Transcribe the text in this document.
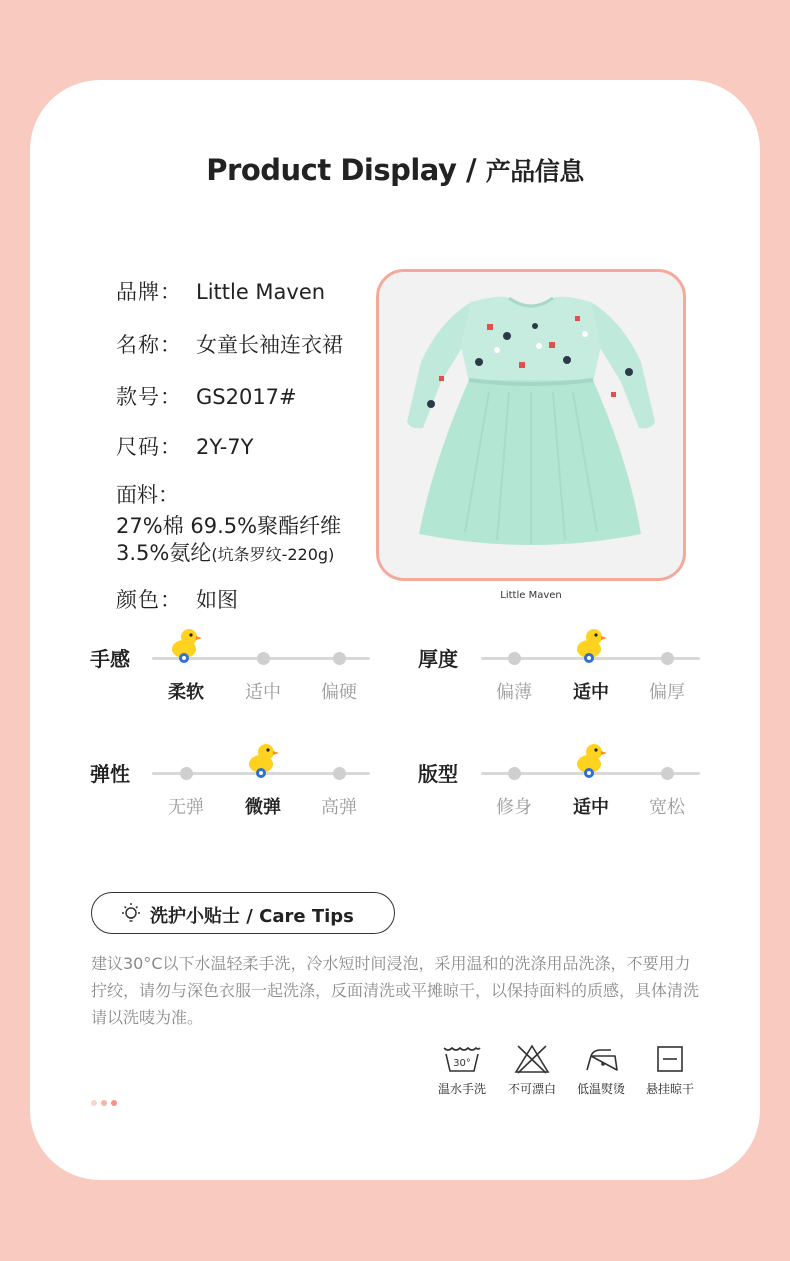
Product Display / 产品信息
品牌： Little Maven
名称： 女童长袖连衣裙
款号： GS2017#
尺码： 2Y-7Y
面料：
27%棉 69.5%聚酯纤维
3.5%氨纶(坑条罗纹-220g)
颜色： 如图	Little Maven
手感
柔软	适中	偏硬
厚度
偏薄	适中	偏厚
弹性
无弹	微弹	高弹
版型
修身	适中	宽松
洗护小贴士 / Care Tips
建议30°C以下水温轻柔手洗，冷水短时间浸泡，采用温和的洗涤用品洗涤，不要用力拧绞，请勿与深色衣服一起洗涤，反面清洗或平摊晾干，以保持面料的质感，具体清洗请以洗唛为准。
30°
温水手洗	不可漂白	低温熨烫	悬挂晾干
